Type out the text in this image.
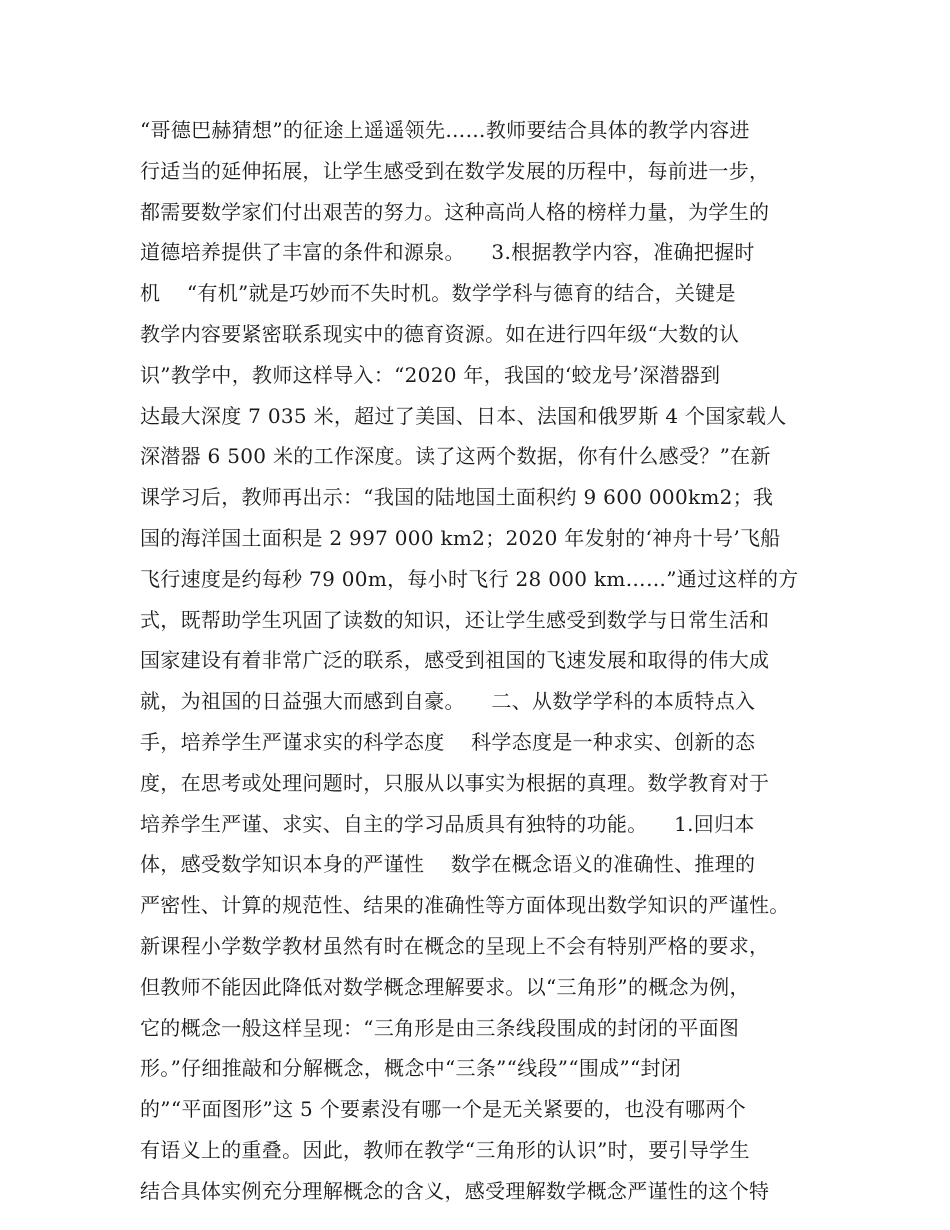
“哥德巴赫猜想”的征途上遥遥领先……教师要结合具体的教学内容进
行适当的延伸拓展，让学生感受到在数学发展的历程中，每前进一步，
都需要数学家们付出艰苦的努力。这种高尚人格的榜样力量，为学生的
道德培养提供了丰富的条件和源泉。    3.根据教学内容，准确把握时
机    “有机”就是巧妙而不失时机。数学学科与德育的结合，关键是
教学内容要紧密联系现实中的德育资源。如在进行四年级“大数的认
识”教学中，教师这样导入：“2020 年，我国的‘蛟龙号’深潜器到
达最大深度 7 035 米，超过了美国、日本、法国和俄罗斯 4 个国家载人
深潜器 6 500 米的工作深度。读了这两个数据，你有什么感受？”在新
课学习后，教师再出示：“我国的陆地国土面积约 9 600 000km2；我
国的海洋国土面积是 2 997 000 km2；2020 年发射的‘神舟十号’飞船
飞行速度是约每秒 79 00m，每小时飞行 28 000 km……”通过这样的方
式，既帮助学生巩固了读数的知识，还让学生感受到数学与日常生活和
国家建设有着非常广泛的联系，感受到祖国的飞速发展和取得的伟大成
就，为祖国的日益强大而感到自豪。    二、从数学学科的本质特点入
手，培养学生严谨求实的科学态度    科学态度是一种求实、创新的态
度，在思考或处理问题时，只服从以事实为根据的真理。数学教育对于
培养学生严谨、求实、自主的学习品质具有独特的功能。    1.回归本
体，感受数学知识本身的严谨性    数学在概念语义的准确性、推理的
严密性、计算的规范性、结果的准确性等方面体现出数学知识的严谨性。
新课程小学数学教材虽然有时在概念的呈现上不会有特别严格的要求，
但教师不能因此降低对数学概念理解要求。以“三角形”的概念为例，
它的概念一般这样呈现：“三角形是由三条线段围成的封闭的平面图
形。”仔细推敲和分解概念，概念中“三条”“线段”“围成”“封闭
的”“平面图形”这 5 个要素没有哪一个是无关紧要的，也没有哪两个
有语义上的重叠。因此，教师在教学“三角形的认识”时，要引导学生
结合具体实例充分理解概念的含义，感受理解数学概念严谨性的这个特
